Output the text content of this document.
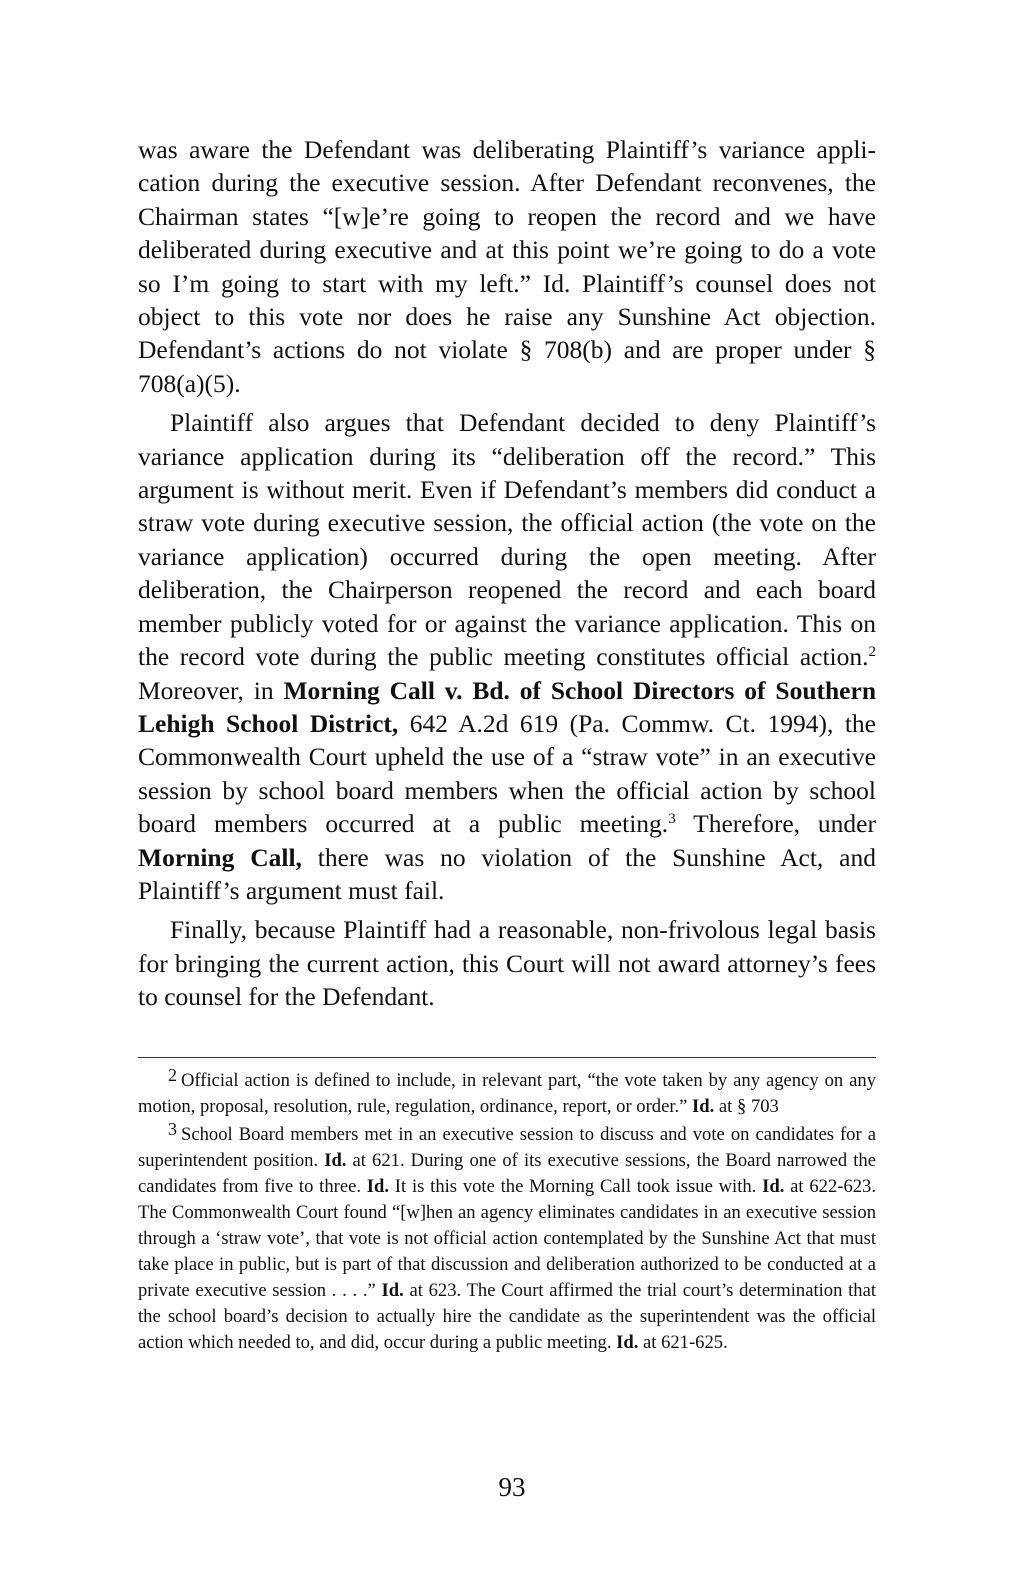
was aware the Defendant was deliberating Plaintiff’s variance application during the executive session. After Defendant reconvenes, the Chairman states “[w]e’re going to reopen the record and we have deliberated during executive and at this point we’re going to do a vote so I’m going to start with my left.” Id. Plaintiff’s counsel does not object to this vote nor does he raise any Sunshine Act objection. Defendant’s actions do not violate § 708(b) and are proper under § 708(a)(5).

Plaintiff also argues that Defendant decided to deny Plaintiff’s variance application during its “deliberation off the record.” This argument is without merit. Even if Defendant’s members did conduct a straw vote during executive session, the official action (the vote on the variance application) occurred during the open meeting. After deliberation, the Chairperson reopened the record and each board member publicly voted for or against the variance application. This on the record vote during the public meeting constitutes official action.$^2$ Moreover, in Morning Call v. Bd. of School Directors of Southern Lehigh School District, 642 A.2d 619 (Pa. Commw. Ct. 1994), the Commonwealth Court upheld the use of a “straw vote” in an executive session by school board members when the official action by school board members occurred at a public meeting.$^3$ Therefore, under Morning Call, there was no violation of the Sunshine Act, and Plaintiff’s argument must fail.

Finally, because Plaintiff had a reasonable, non-frivolous legal basis for bringing the current action, this Court will not award attorney’s fees to counsel for the Defendant.

2 Official action is defined to include, in relevant part, “the vote taken by any agency on any motion, proposal, resolution, rule, regulation, ordinance, report, or order.” Id. at § 703

3 School Board members met in an executive session to discuss and vote on candidates for a superintendent position. Id. at 621. During one of its executive sessions, the Board narrowed the candidates from five to three. Id. It is this vote the Morning Call took issue with. Id. at 622-623. The Commonwealth Court found “[w]hen an agency eliminates candidates in an executive session through a ‘straw vote’, that vote is not official action contemplated by the Sunshine Act that must take place in public, but is part of that discussion and deliberation authorized to be conducted at a private executive session . . . .” Id. at 623. The Court affirmed the trial court’s determination that the school board’s decision to actually hire the candidate as the superintendent was the official action which needed to, and did, occur during a public meeting. Id. at 621-625.

93
